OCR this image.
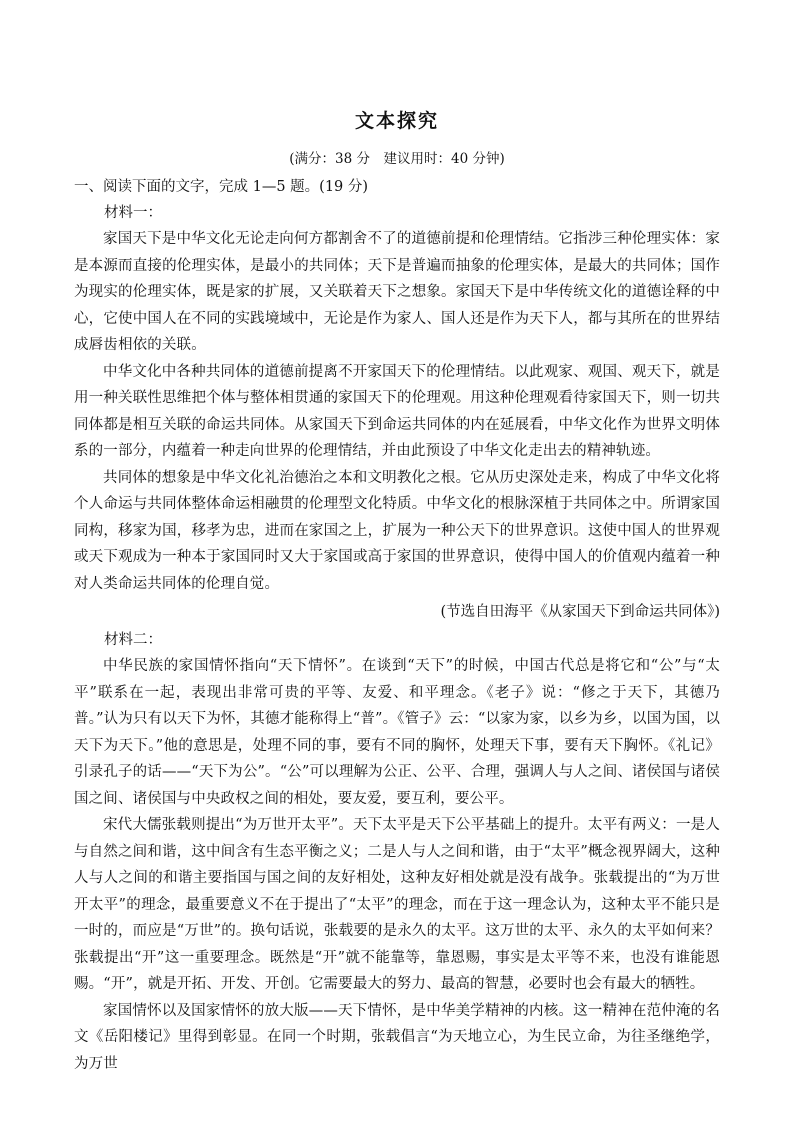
文本探究
(满分：38 分　建议用时：40 分钟)
一、阅读下面的文字，完成 1—5 题。(19 分)
材料一：

家国天下是中华文化无论走向何方都割舍不了的道德前提和伦理情结。它指涉三种伦理实体：家是本源而直接的伦理实体，是最小的共同体；天下是普遍而抽象的伦理实体，是最大的共同体；国作为现实的伦理实体，既是家的扩展，又关联着天下之想象。家国天下是中华传统文化的道德诠释的中心，它使中国人在不同的实践境域中，无论是作为家人、国人还是作为天下人，都与其所在的世界结成唇齿相依的关联。

中华文化中各种共同体的道德前提离不开家国天下的伦理情结。以此观家、观国、观天下，就是用一种关联性思维把个体与整体相贯通的家国天下的伦理观。用这种伦理观看待家国天下，则一切共同体都是相互关联的命运共同体。从家国天下到命运共同体的内在延展看，中华文化作为世界文明体系的一部分，内蕴着一种走向世界的伦理情结，并由此预设了中华文化走出去的精神轨迹。

共同体的想象是中华文化礼治德治之本和文明教化之根。它从历史深处走来，构成了中华文化将个人命运与共同体整体命运相融贯的伦理型文化特质。中华文化的根脉深植于共同体之中。所谓家国同构，移家为国，移孝为忠，进而在家国之上，扩展为一种公天下的世界意识。这使中国人的世界观或天下观成为一种本于家国同时又大于家国或高于家国的世界意识，使得中国人的价值观内蕴着一种对人类命运共同体的伦理自觉。

(节选自田海平《从家国天下到命运共同体》)
材料二：

中华民族的家国情怀指向“天下情怀”。在谈到“天下”的时候，中国古代总是将它和“公”与“太平”联系在一起，表现出非常可贵的平等、友爱、和平理念。《老子》说：“修之于天下，其德乃普。”认为只有以天下为怀，其德才能称得上“普”。《管子》云：“以家为家，以乡为乡，以国为国，以天下为天下。”他的意思是，处理不同的事，要有不同的胸怀，处理天下事，要有天下胸怀。《礼记》引录孔子的话——“天下为公”。“公”可以理解为公正、公平、合理，强调人与人之间、诸侯国与诸侯国之间、诸侯国与中央政权之间的相处，要友爱，要互利，要公平。

宋代大儒张载则提出“为万世开太平”。天下太平是天下公平基础上的提升。太平有两义：一是人与自然之间和谐，这中间含有生态平衡之义；二是人与人之间和谐，由于“太平”概念视界阔大，这种人与人之间的和谐主要指国与国之间的友好相处，这种友好相处就是没有战争。张载提出的“为万世开太平”的理念，最重要意义不在于提出了“太平”的理念，而在于这一理念认为，这种太平不能只是一时的，而应是“万世”的。换句话说，张载要的是永久的太平。这万世的太平、永久的太平如何来？张载提出“开”这一重要理念。既然是“开”就不能靠等，靠恩赐，事实是太平等不来，也没有谁能恩赐。“开”，就是开拓、开发、开创。它需要最大的努力、最高的智慧，必要时也会有最大的牺牲。

家国情怀以及国家情怀的放大版——天下情怀，是中华美学精神的内核。这一精神在范仲淹的名文《岳阳楼记》里得到彰显。在同一个时期，张载倡言“为天地立心，为生民立命，为往圣继绝学，为万世
